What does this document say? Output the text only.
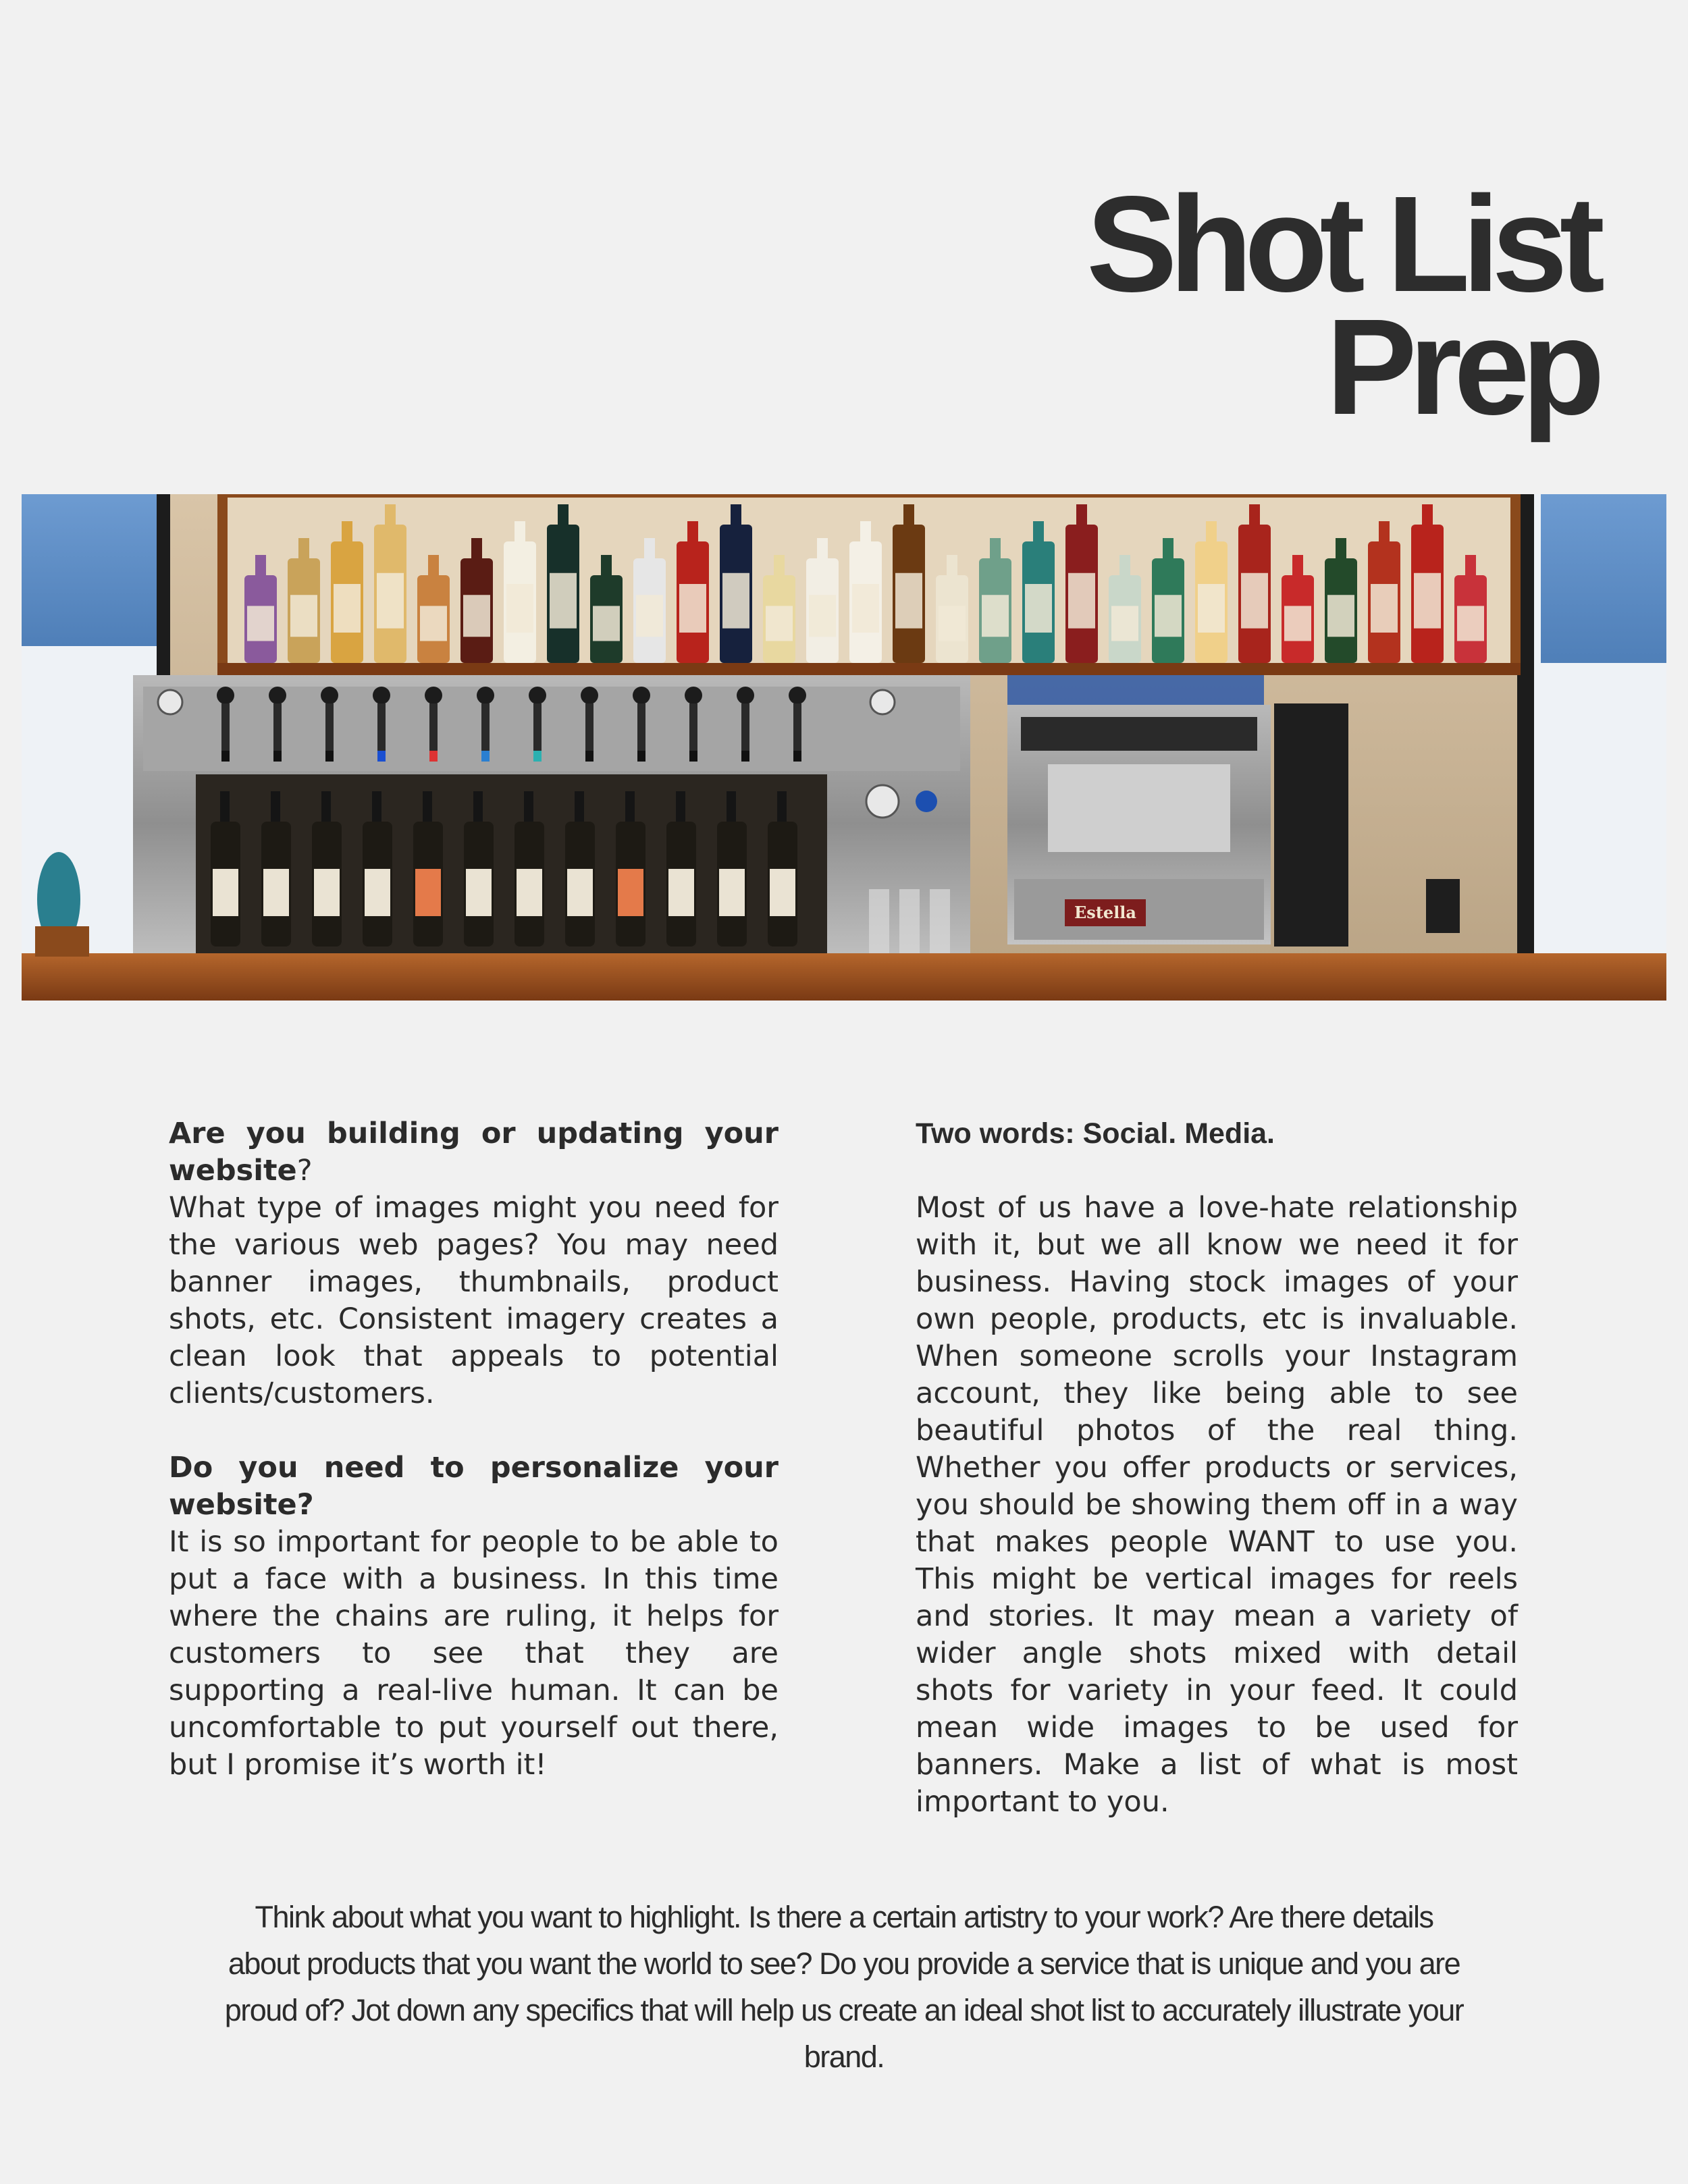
Shot List
Prep
Estella

Are you building or updating your website?

What type of images might you need for the various web pages? You may need banner images, thumbnails, product shots, etc. Consistent imagery creates a clean look that appeals to potential clients/customers.

Do you need to personalize your website?

It is so important for people to be able to put a face with a business. In this time where the chains are ruling, it helps for customers to see that they are supporting a real-live human. It can be uncomfortable to put yourself out there, but I promise it’s worth it!

Two words: Social. Media.

Most of us have a love-hate relationship with it, but we all know we need it for business. Having stock images of your own people, products, etc is invaluable. When someone scrolls your Instagram account, they like being able to see beautiful photos of the real thing. Whether you offer products or services, you should be showing them off in a way that makes people WANT to use you. This might be vertical images for reels and stories. It may mean a variety of wider angle shots mixed with detail shots for variety in your feed. It could mean wide images to be used for banners. Make a list of what is most important to you.

Think about what you want to highlight. Is there a certain artistry to your work? Are there details about products that you want the world to see? Do you provide a service that is unique and you are proud of? Jot down any specifics that will help us create an ideal shot list to accurately illustrate your brand.
